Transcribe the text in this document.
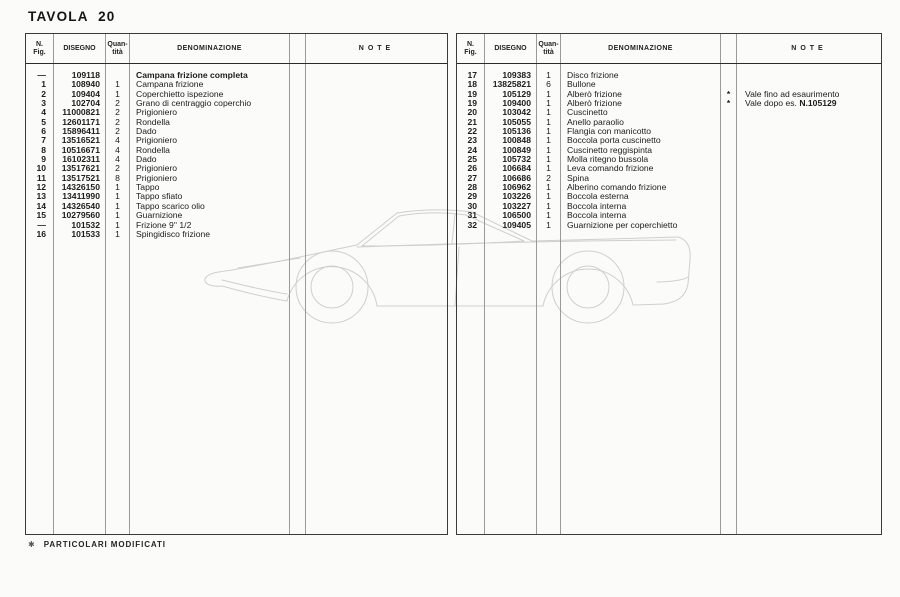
TAVOLA  20
N.
Fig.
DISEGNO
Quan-
tità
DENOMINAZIONE	NOTE
—
1
2
3
4
5
6
7
8
9
10
11
12
13
14
15
—
16
109118
108940
109404
102704
11000821
12601171
15896411
13516521
10516671
16102311
13517621
13517521
14326150
13411990
14326540
10279560
101532
101533
1
1
2
2
2
2
4
4
4
2
8
1
1
1
1
1
1
Campana frizione completa
Campana frizione
Coperchietto ispezione
Grano di centraggio coperchio
Prigioniero
Rondella
Dado
Prigioniero
Rondella
Dado
Prigioniero
Prigioniero
Tappo
Tappo sfiato
Tappo scarico olio
Guarnizione
Frizione 9'' 1/2
Spingidisco frizione
N.
Fig.
DISEGNO
Quan-
tità
DENOMINAZIONE	NOTE
17
18
19
19
20
21
22
23
24
25
26
27
28
29
30
31
32
109383
13825821
105129
109400
103042
105055
105136
100848
100849
105732
106684
106686
106962
103226
103227
106500
109405
1
6
1
1
1
1
1
1
1
1
1
2
1
1
1
1
1
Disco frizione
Bullone
Alberò frizione
Alberò frizione
Cuscinetto
Anello paraolio
Flangia con manicotto
Boccola porta cuscinetto
Cuscinetto reggispinta
Molla ritegno bussola
Leva comando frizione
Spina
Alberino comando frizione
Boccola esterna
Boccola interna
Boccola interna
Guarnizione per coperchietto
*
*
Vale fino ad esaurimento
Vale dopo es. N.105129
✱ PARTICOLARI MODIFICATI
